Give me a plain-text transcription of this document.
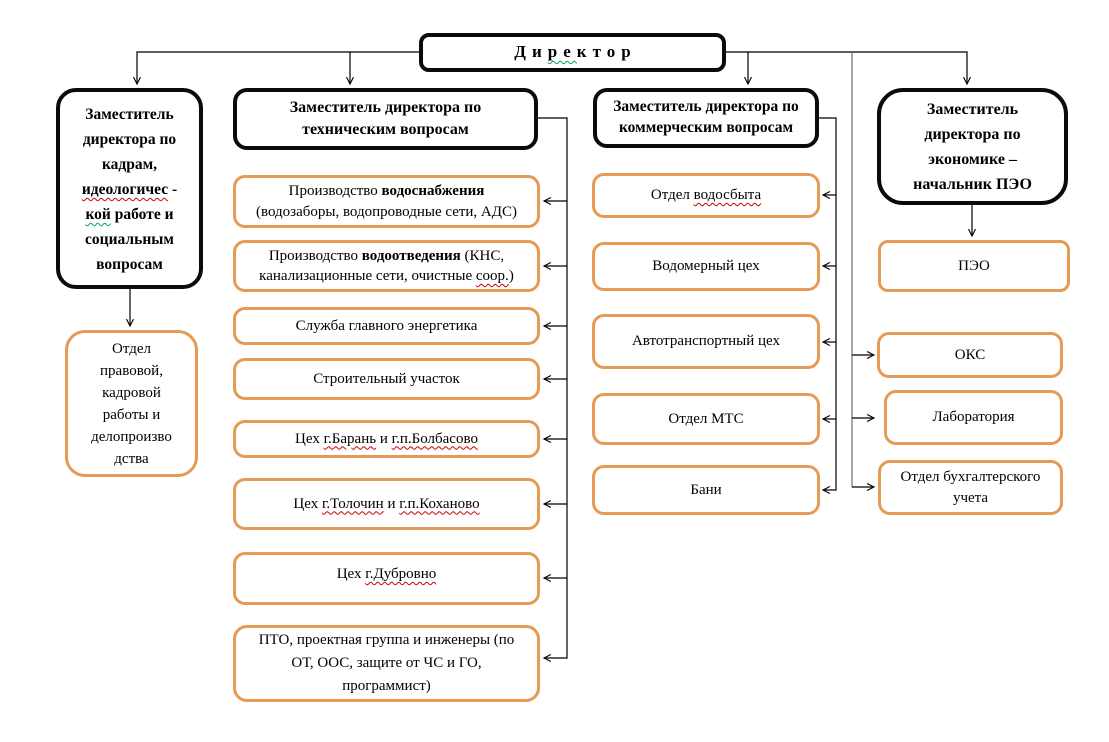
Директор
Заместитель
директора по
кадрам,
идеологичес -
кой работе и
социальным
вопросам
Заместитель директора по
техническим вопросам
Заместитель директора по
коммерческим вопросам
Заместитель
директора по
экономике –
начальник ПЭО
Отдел
правовой,
кадровой
работы и
делопроизво
дства
Производство водоснабжения
(водозаборы, водопроводные сети, АДС)
Производство водоотведения (КНС,
канализационные сети, очистные соор.)
Служба главного энергетика
Строительный участок
Цех г.Барань и г.п.Болбасово
Цех г.Толочин и г.п.Коханово
Цех г.Дубровно
ПТО, проектная группа и инженеры (по ОТ, ООС, защите от ЧС и ГО, программист)
Отдел водосбыта
Водомерный цех
Автотранспортный цех
Отдел МТС
Бани
ПЭО
ОКС
Лаборатория
Отдел бухгалтерского учета
